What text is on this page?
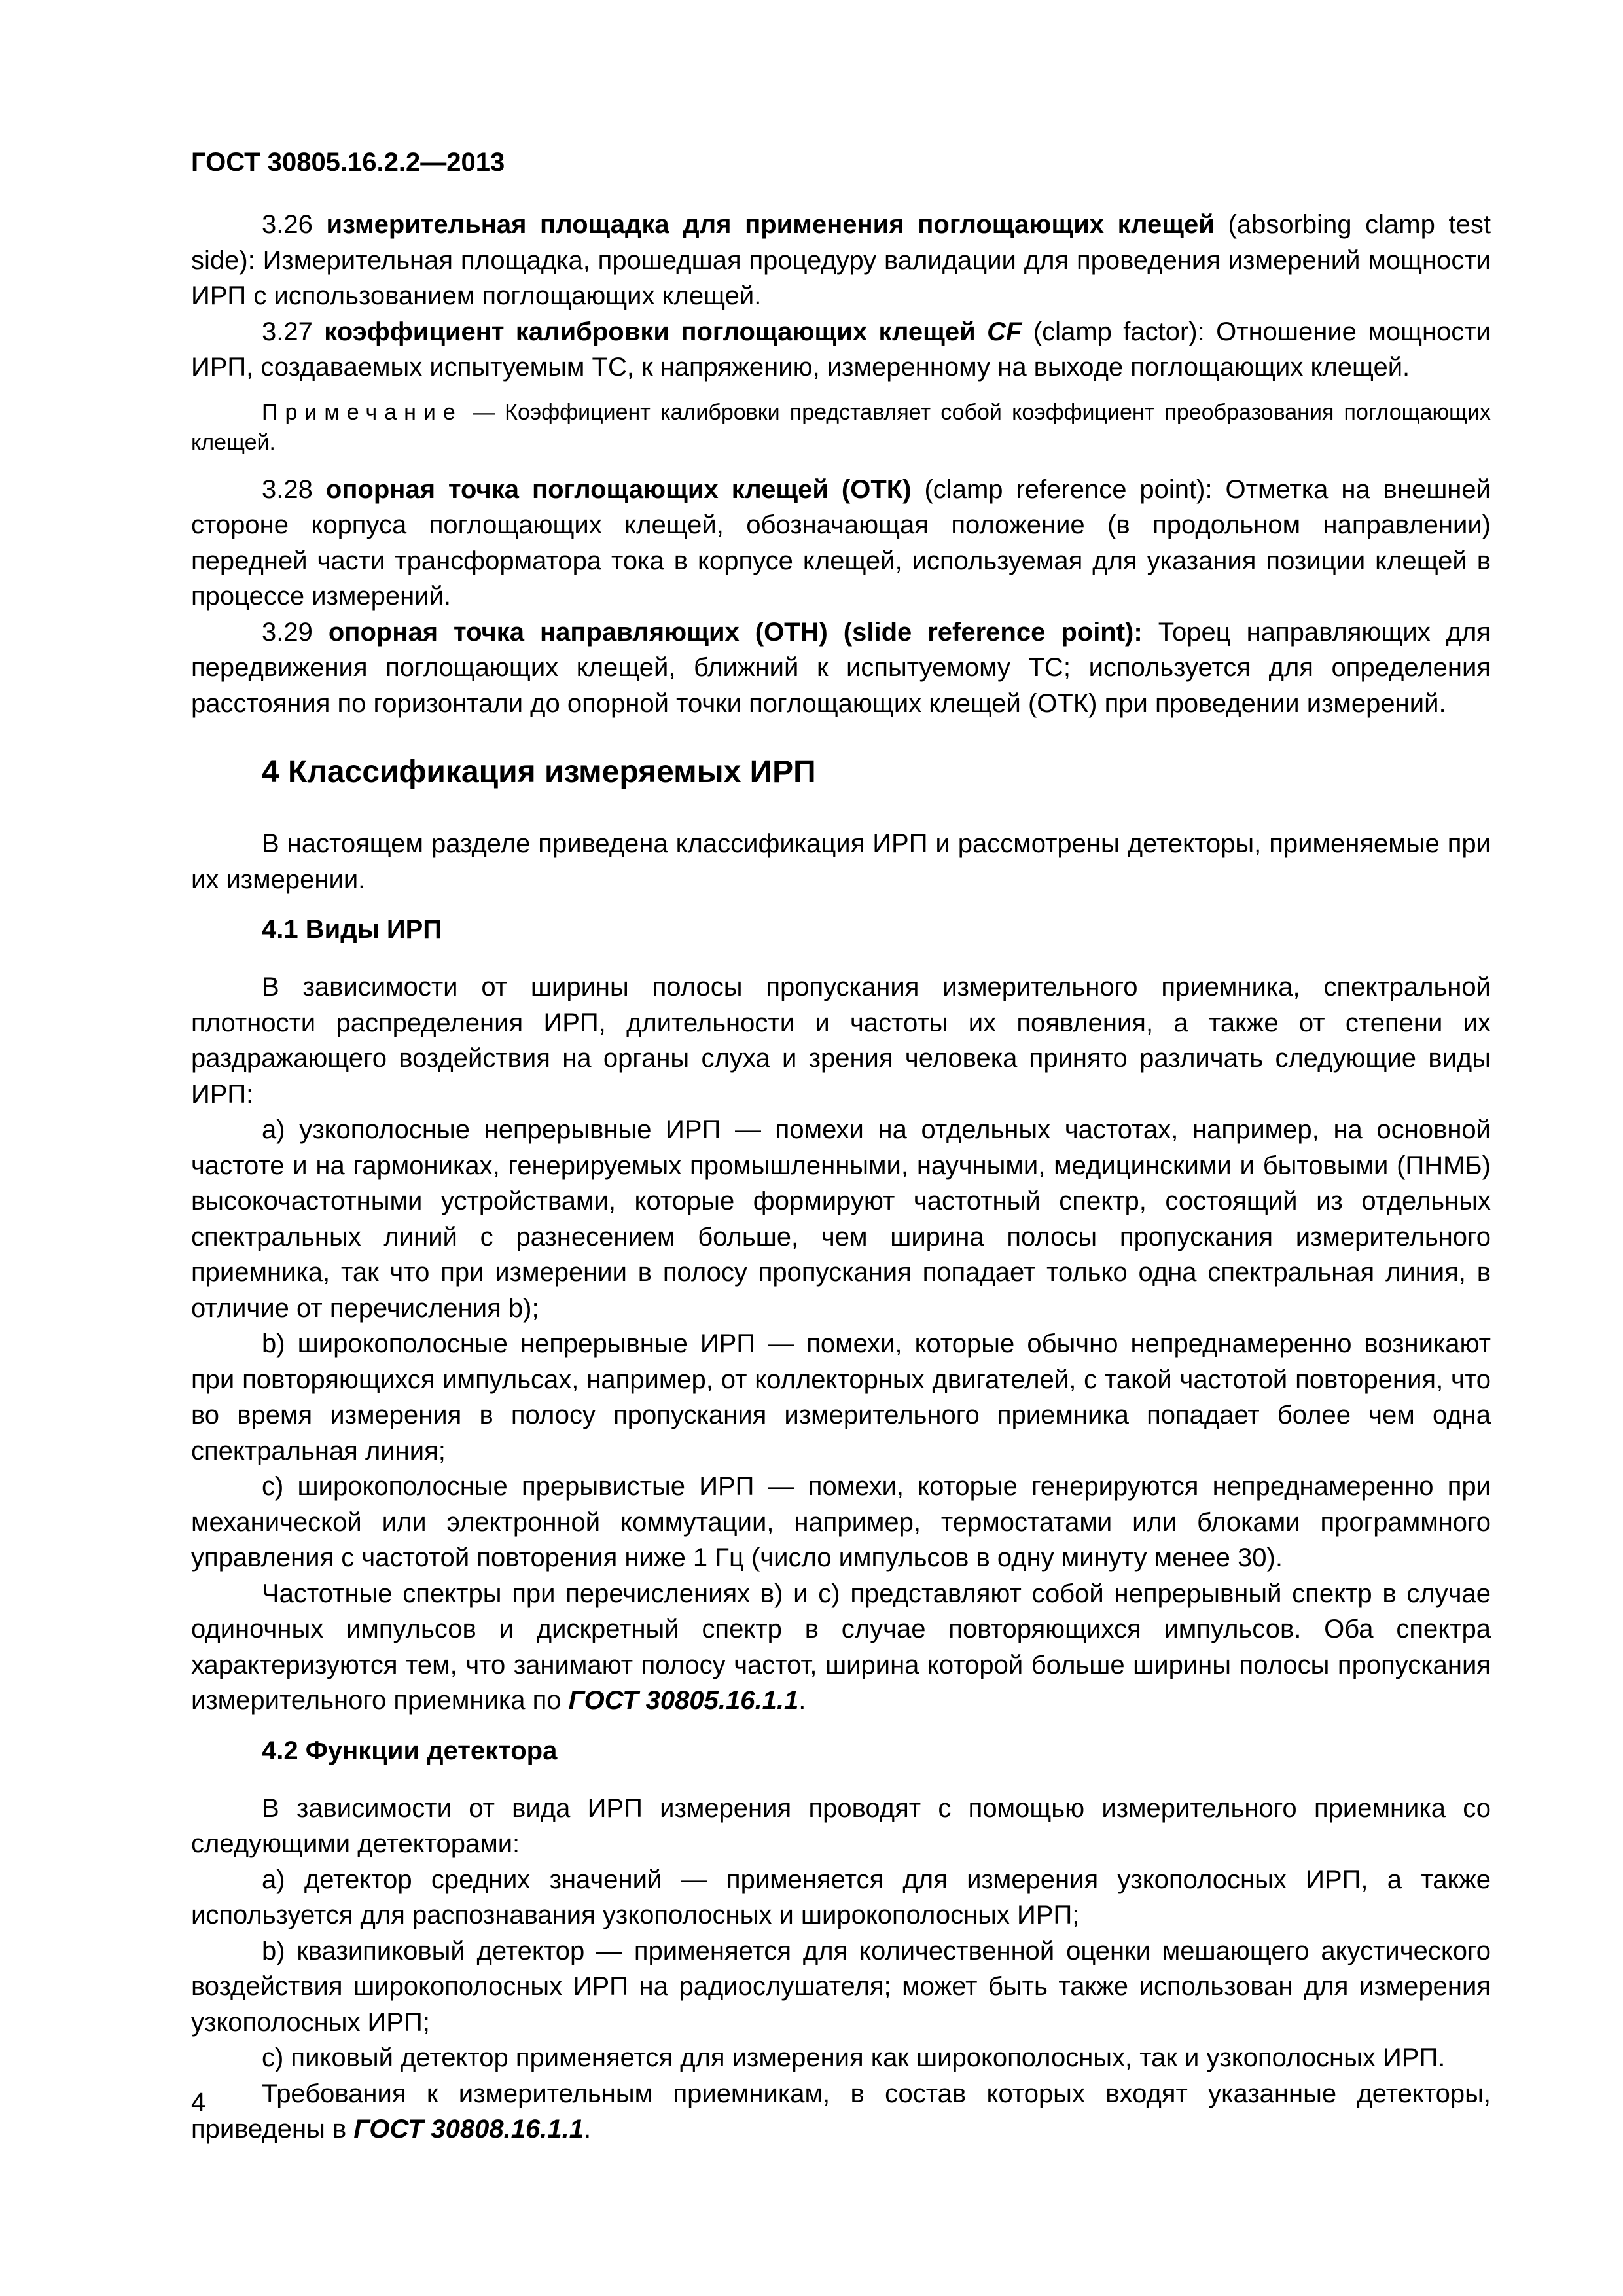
ГОСТ 30805.16.2.2—2013

3.26 измерительная площадка для применения поглощающих клещей (absorbing clamp test side): Измерительная площадка, прошедшая процедуру валидации для проведения измерений мощности ИРП с использованием поглощающих клещей.

3.27 коэффициент калибровки поглощающих клещей CF (clamp factor): Отношение мощности ИРП, создаваемых испытуемым ТС, к напряжению, измеренному на выходе поглощающих клещей.

Примечание — Коэффициент калибровки представляет собой коэффициент преобразования поглощающих клещей.

3.28 опорная точка поглощающих клещей (ОТК) (clamp reference point): Отметка на внешней стороне корпуса поглощающих клещей, обозначающая положение (в продольном направлении) передней части трансформатора тока в корпусе клещей, используемая для указания позиции клещей в процессе измерений.

3.29 опорная точка направляющих (ОТН) (slide reference point): Торец направляющих для передвижения поглощающих клещей, ближний к испытуемому ТС; используется для определения расстояния по горизонтали до опорной точки поглощающих клещей (ОТК) при проведении измерений.

4 Классификация измеряемых ИРП

В настоящем разделе приведена классификация ИРП и рассмотрены детекторы, применяемые при их измерении.

4.1 Виды ИРП

В зависимости от ширины полосы пропускания измерительного приемника, спектральной плотности распределения ИРП, длительности и частоты их появления, а также от степени их раздражающего воздействия на органы слуха и зрения человека принято различать следующие виды ИРП:

а) узкополосные непрерывные ИРП — помехи на отдельных частотах, например, на основной частоте и на гармониках, генерируемых промышленными, научными, медицинскими и бытовыми (ПНМБ) высокочастотными устройствами, которые формируют частотный спектр, состоящий из отдельных спектральных линий с разнесением больше, чем ширина полосы пропускания измерительного приемника, так что при измерении в полосу пропускания попадает только одна спектральная линия, в отличие от перечисления b);

b) широкополосные непрерывные ИРП — помехи, которые обычно непреднамеренно возникают при повторяющихся импульсах, например, от коллекторных двигателей, с такой частотой повторения, что во время измерения в полосу пропускания измерительного приемника попадает более чем одна спектральная линия;

с) широкополосные прерывистые ИРП — помехи, которые генерируются непреднамеренно при механической или электронной коммутации, например, термостатами или блоками программного управления с частотой повторения ниже 1 Гц (число импульсов в одну минуту менее 30).

Частотные спектры при перечислениях в) и с) представляют собой непрерывный спектр в случае одиночных импульсов и дискретный спектр в случае повторяющихся импульсов. Оба спектра характеризуются тем, что занимают полосу частот, ширина которой больше ширины полосы пропускания измерительного приемника по ГОСТ 30805.16.1.1.

4.2 Функции детектора

В зависимости от вида ИРП измерения проводят с помощью измерительного приемника со следующими детекторами:

а) детектор средних значений — применяется для измерения узкополосных ИРП, а также используется для распознавания узкополосных и широкополосных ИРП;

b) квазипиковый детектор — применяется для количественной оценки мешающего акустического воздействия широкополосных ИРП на радиослушателя; может быть также использован для измерения узкополосных ИРП;

с) пиковый детектор применяется для измерения как широкополосных, так и узкополосных ИРП.

Требования к измерительным приемникам, в состав которых входят указанные детекторы, приведены в ГОСТ 30808.16.1.1.

4
